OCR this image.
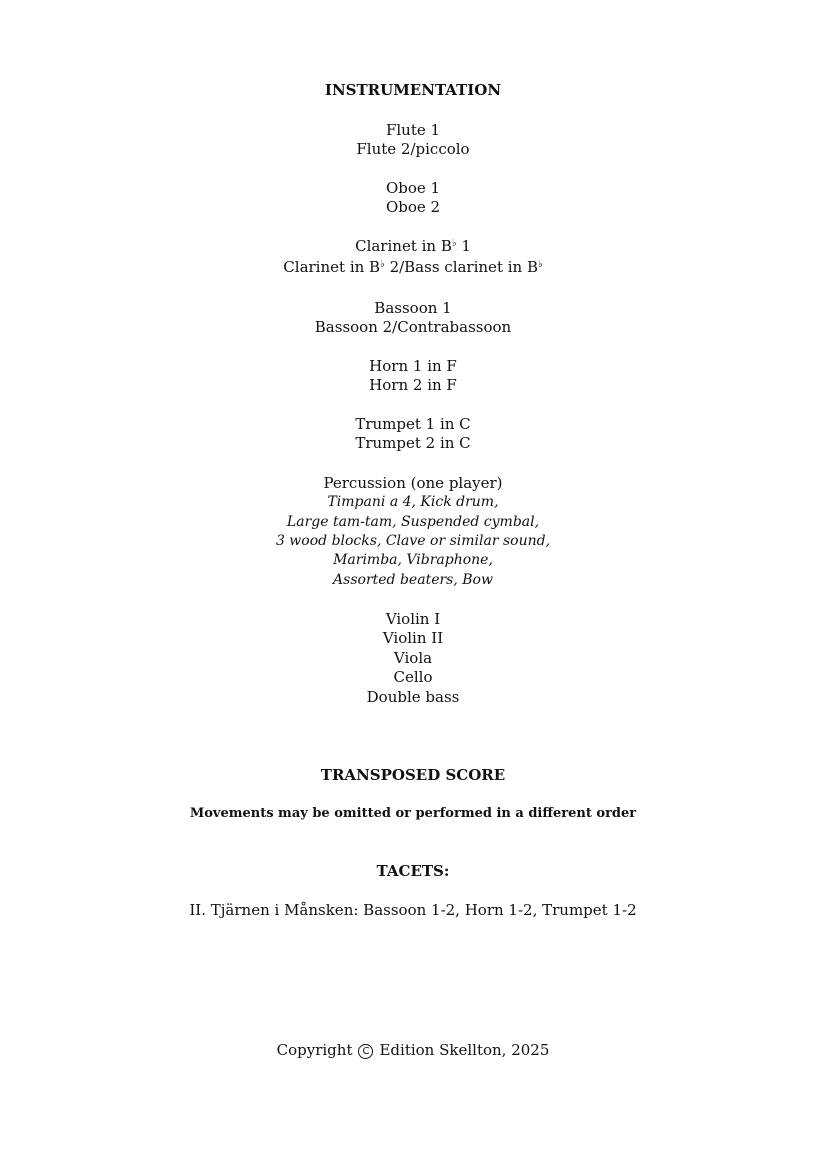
INSTRUMENTATION
Flute 1
Flute 2/piccolo
Oboe 1
Oboe 2
Clarinet in B♭ 1
Clarinet in B♭ 2/Bass clarinet in B♭
Bassoon 1
Bassoon 2/Contrabassoon
Horn 1 in F
Horn 2 in F
Trumpet 1 in C
Trumpet 2 in C
Percussion (one player)
Timpani a 4, Kick drum,
Large tam-tam, Suspended cymbal,
3 wood blocks, Clave or similar sound,
Marimba, Vibraphone,
Assorted beaters, Bow
Violin I
Violin II
Viola
Cello
Double bass
TRANSPOSED SCORE
Movements may be omitted or performed in a different order
TACETS:
II. Tjärnen i Månsken: Bassoon 1-2, Horn 1-2, Trumpet 1-2
Copyright C Edition Skellton, 2025
